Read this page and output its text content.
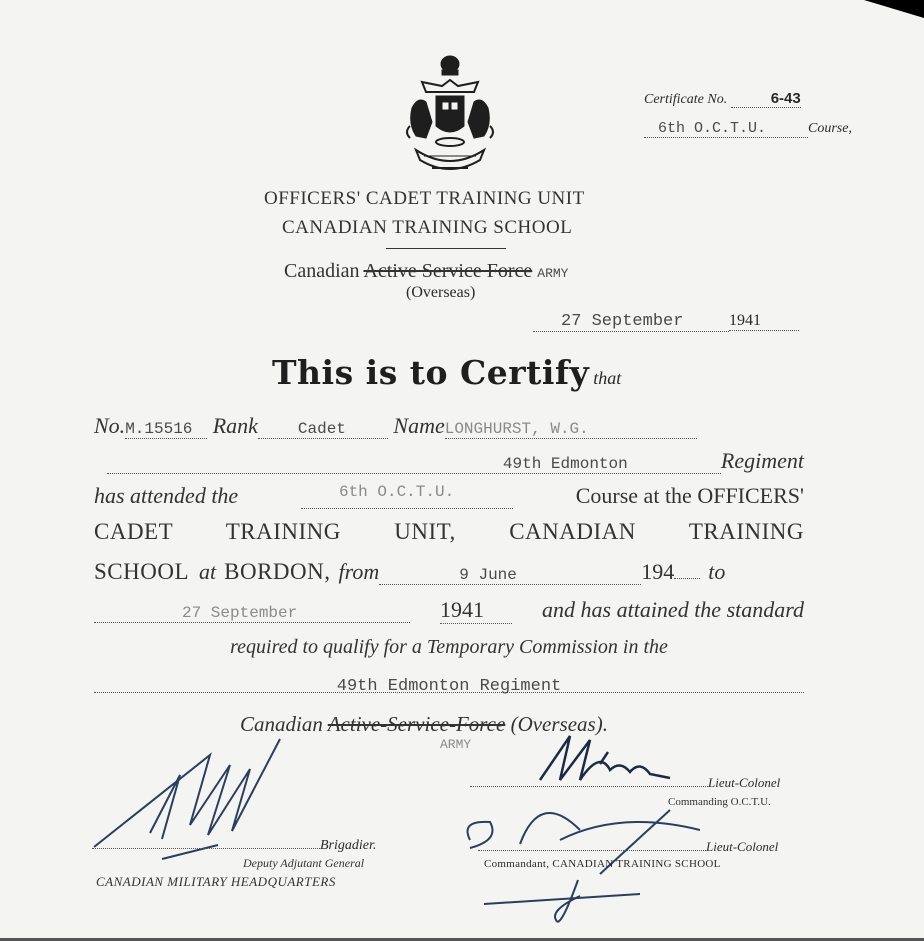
Certificate No.	6-43
6th O.C.T.U.	Course,
OFFICERS' CADET TRAINING UNIT
CANADIAN TRAINING SCHOOL
Canadian Active Service Force ARMY
(Overseas)
27 September	1941
This is to Certify that
No.M.15516 Rank	Cadet NameLONGHURST, W.G.
49th Edmonton	Regiment
has attended the	6th O.C.T.U.	Course at the OFFICERS'
CADET TRAINING UNIT, CANADIAN TRAINING
SCHOOL at BORDON, from	9 June	194 to
27 September	1941	and has attained the standard
required to qualify for a Temporary Commission in the
49th Edmonton Regiment
Canadian Active-Service-Force (Overseas).
ARMY
Brigadier.
Deputy Adjutant General
CANADIAN MILITARY HEADQUARTERS
Lieut-Colonel
Commanding O.C.T.U.
Lieut-Colonel
Commandant, CANADIAN TRAINING SCHOOL
